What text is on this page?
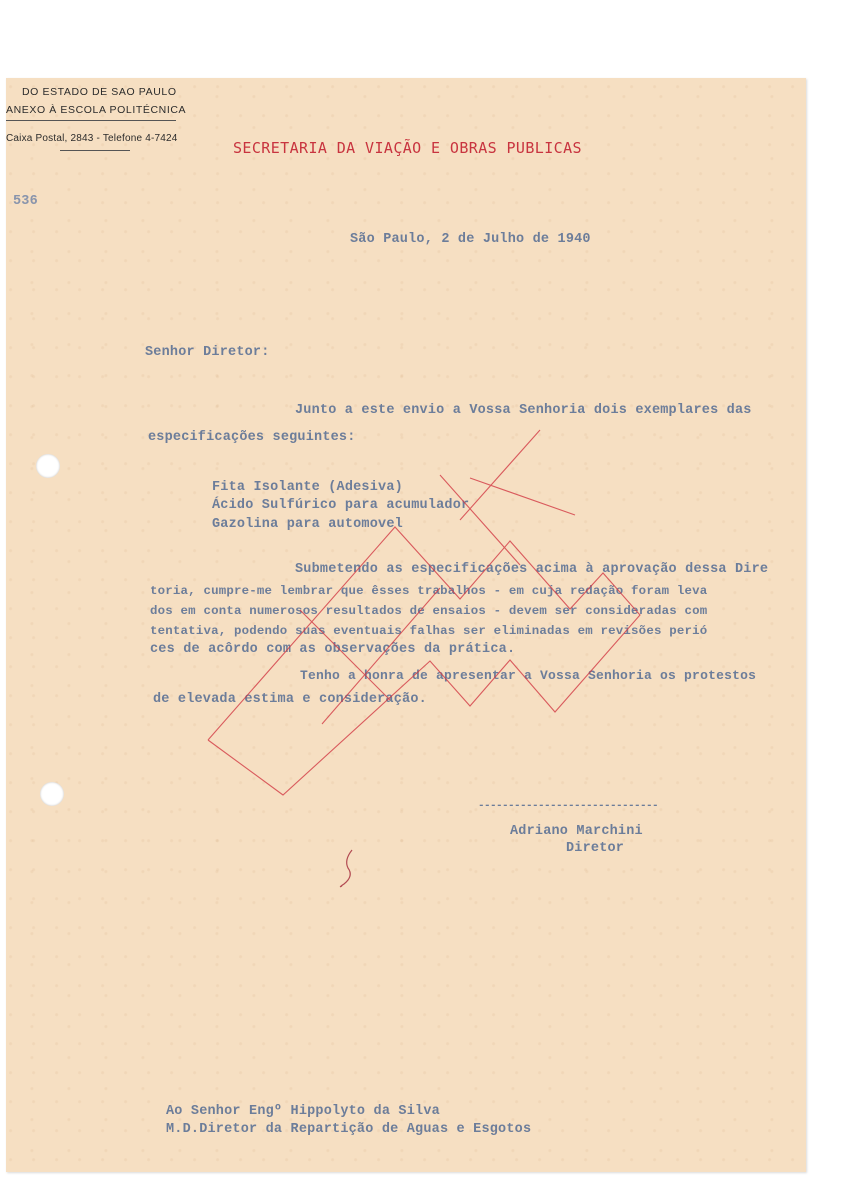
DO ESTADO DE SAO PAULO
ANEXO À ESCOLA POLITÉCNICA
Caixa Postal, 2843 - Telefone 4-7424
SECRETARIA DA VIAÇÃO E OBRAS PUBLICAS
536
São Paulo, 2 de Julho de 1940
Senhor Diretor:
Junto a este envio a Vossa Senhoria dois exemplares das
especificações seguintes:
Fita Isolante (Adesiva)
Ácido Sulfúrico para acumulador
Gazolina para automovel
Submetendo as especificações acima à aprovação dessa Dire
toria, cumpre-me lembrar que êsses trabalhos - em cuja redação foram leva
dos em conta numerosos resultados de ensaios - devem ser consideradas com
tentativa, podendo suas eventuais falhas ser eliminadas em revisões perió
ces de acôrdo com as observações da prática.
Tenho a honra de apresentar a Vossa Senhoria os protestos
de elevada estima e consideração.
------------------------------
Adriano Marchini
Diretor
Ao Senhor Engº Hippolyto da Silva
M.D.Diretor da Repartição de Aguas e Esgotos
